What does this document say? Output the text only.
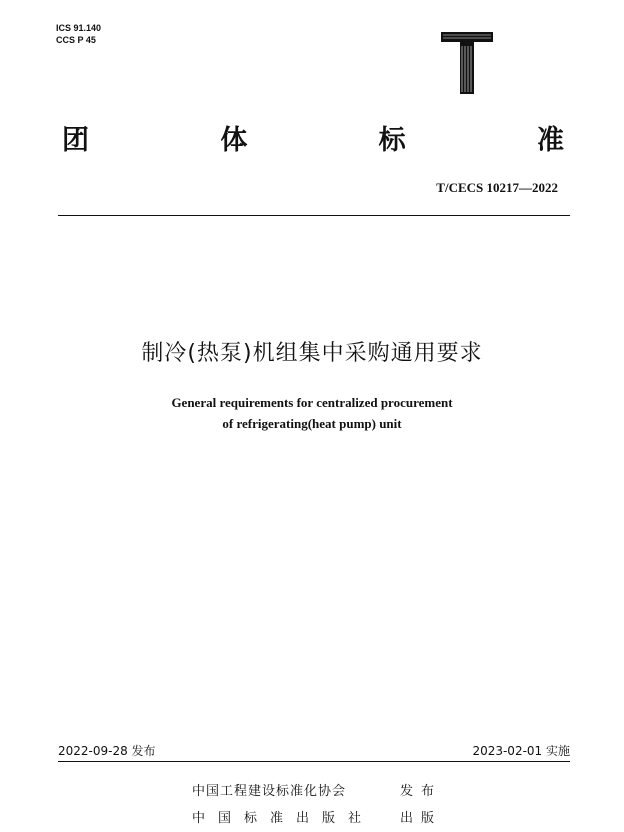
ICS 91.140
CCS P 45
团	体	标	准
T/CECS 10217—2022
制冷(热泵)机组集中采购通用要求
General requirements for centralized procurement
of refrigerating(heat pump) unit
2022-09-28 发布	2023-02-01 实施
中国工程建设标准化协会	发布
中国标准出版社	出版
